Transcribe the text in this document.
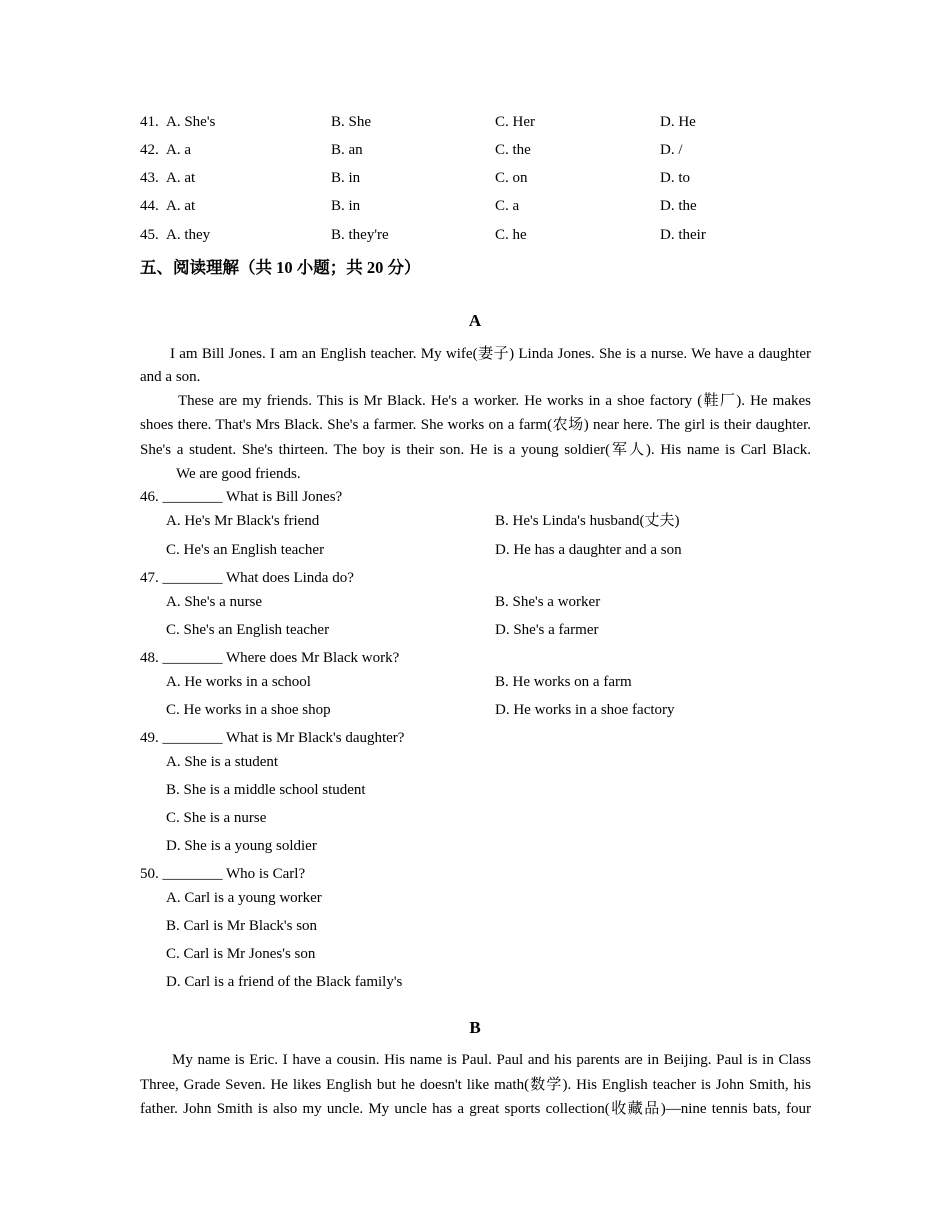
41. A. She's	B. She	C. Her	D. He
42. A. a	B. an	C. the	D. /
43. A. at	B. in	C. on	D. to
44. A. at	B. in	C. a	D. the
45. A. they	B. they're	C. he	D. their
五、阅读理解（共 10 小题；共 20 分）
A
I am Bill Jones. I am an English teacher. My wife(妻子) Linda Jones. She is a nurse. We have a daughter
and a son.
These are my friends. This is Mr Black. He's a worker. He works in a shoe factory (鞋厂). He makes
shoes there. That's Mrs Black. She's a farmer. She works on a farm(农场) near here. The girl is their daughter.
She's a student. She's thirteen. The boy is their son. He is a young soldier(军人). His name is Carl Black.
We are good friends.
46. ________ What is Bill Jones?
A. He's Mr Black's friend	B. He's Linda's husband(丈夫)
C. He's an English teacher	D. He has a daughter and a son
47. ________ What does Linda do?
A. She's a nurse	B. She's a worker
C. She's an English teacher	D. She's a farmer
48. ________ Where does Mr Black work?
A. He works in a school	B. He works on a farm
C. He works in a shoe shop	D. He works in a shoe factory
49. ________ What is Mr Black's daughter?
A. She is a student
B. She is a middle school student
C. She is a nurse
D. She is a young soldier
50. ________ Who is Carl?
A. Carl is a young worker
B. Carl is Mr Black's son
C. Carl is Mr Jones's son
D. Carl is a friend of the Black family's
B
My name is Eric. I have a cousin. His name is Paul. Paul and his parents are in Beijing. Paul is in Class
Three, Grade Seven. He likes English but he doesn't like math(数学). His English teacher is John Smith, his
father. John Smith is also my uncle. My uncle has a great sports collection(收藏品)—nine tennis bats, four
